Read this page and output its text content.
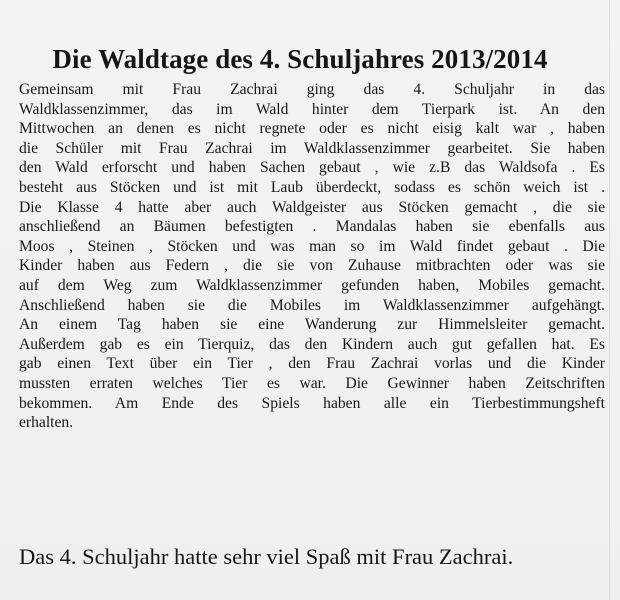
Die Waldtage des 4. Schuljahres 2013/2014
Gemeinsam mit Frau Zachrai ging das 4. Schuljahr in das
Waldklassenzimmer, das im Wald hinter dem Tierpark ist. An den
Mittwochen an denen es nicht regnete oder es nicht eisig kalt war , haben
die Schüler mit Frau Zachrai im Waldklassenzimmer gearbeitet. Sie haben
den Wald erforscht und haben Sachen gebaut , wie z.B das Waldsofa . Es
besteht aus Stöcken und ist mit Laub überdeckt, sodass es schön weich ist .
Die Klasse 4 hatte aber auch Waldgeister aus Stöcken gemacht , die sie
anschließend an Bäumen befestigten . Mandalas haben sie ebenfalls aus
Moos , Steinen , Stöcken und was man so im Wald findet gebaut . Die
Kinder haben aus Federn , die sie von Zuhause mitbrachten oder was sie
auf dem Weg zum Waldklassenzimmer gefunden haben, Mobiles gemacht.
Anschließend haben sie die Mobiles im Waldklassenzimmer aufgehängt.
An einem Tag haben sie eine Wanderung zur Himmelsleiter gemacht.
Außerdem gab es ein Tierquiz, das den Kindern auch gut gefallen hat. Es
gab einen Text über ein Tier , den Frau Zachrai vorlas und die Kinder
mussten erraten welches Tier es war. Die Gewinner haben Zeitschriften
bekommen. Am Ende des Spiels haben alle ein Tierbestimmungsheft
erhalten.

Das 4. Schuljahr hatte sehr viel Spaß mit Frau Zachrai.
